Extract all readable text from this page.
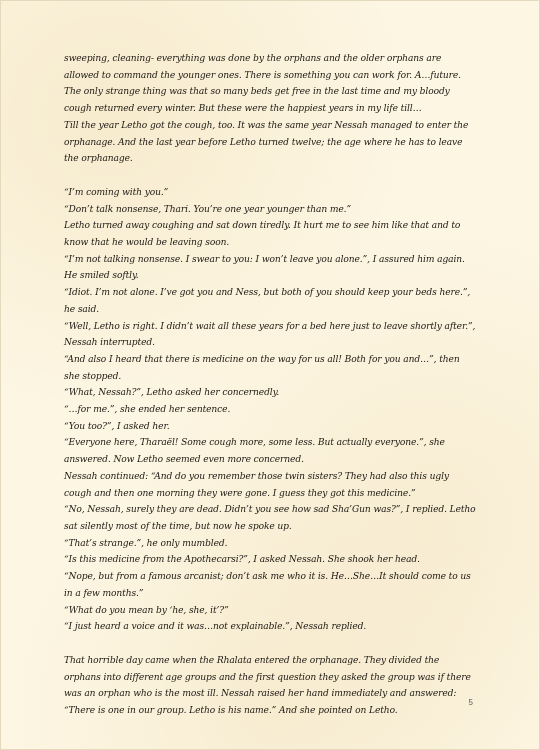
sweeping, cleaning- everything was done by the orphans and the older orphans are allowed to command the younger ones. There is something you can work for. A…future. The only strange thing was that so many beds get free in the last time and my bloody cough returned every winter. But these were the happiest years in my life till…

Till the year Letho got the cough, too. It was the same year Nessah managed to enter the orphanage. And the last year before Letho turned twelve; the age where he has to leave the orphanage.

“I’m coming with you.”

“Don’t talk nonsense, Thari. You’re one year younger than me.”

Letho turned away coughing and sat down tiredly. It hurt me to see him like that and to know that he would be leaving soon.

“I’m not talking nonsense. I swear to you: I won’t leave you alone.”, I assured him again. He smiled softly.

“Idiot. I’m not alone. I’ve got you and Ness, but both of you should keep your beds here.”, he said.

“Well, Letho is right. I didn’t wait all these years for a bed here just to leave shortly after.”, Nessah interrupted.

“And also I heard that there is medicine on the way for us all! Both for you and…”, then she stopped.

“What, Nessah?”, Letho asked her concernedly.

“…for me.”, she ended her sentence.

“You too?”, I asked her.

“Everyone here, Tharaël! Some cough more, some less. But actually everyone.”, she answered. Now Letho seemed even more concerned.

Nessah continued: “And do you remember those twin sisters? They had also this ugly cough and then one morning they were gone. I guess they got this medicine.”

“No, Nessah, surely they are dead. Didn’t you see how sad Sha’Gun was?”, I replied. Letho sat silently most of the time, but now he spoke up.

“That’s strange.”, he only mumbled.

“Is this medicine from the Apothecarsi?”, I asked Nessah. She shook her head.

“Nope, but from a famous arcanist; don’t ask me who it is. He…She…It should come to us in a few months.”

“What do you mean by ‘he, she, it’?”

“I just heard a voice and it was…not explainable.”, Nessah replied.

That horrible day came when the Rhalata entered the orphanage. They divided the orphans into different age groups and the first question they asked the group was if there was an orphan who is the most ill. Nessah raised her hand immediately and answered:

“There is one in our group. Letho is his name.” And she pointed on Letho.

5
